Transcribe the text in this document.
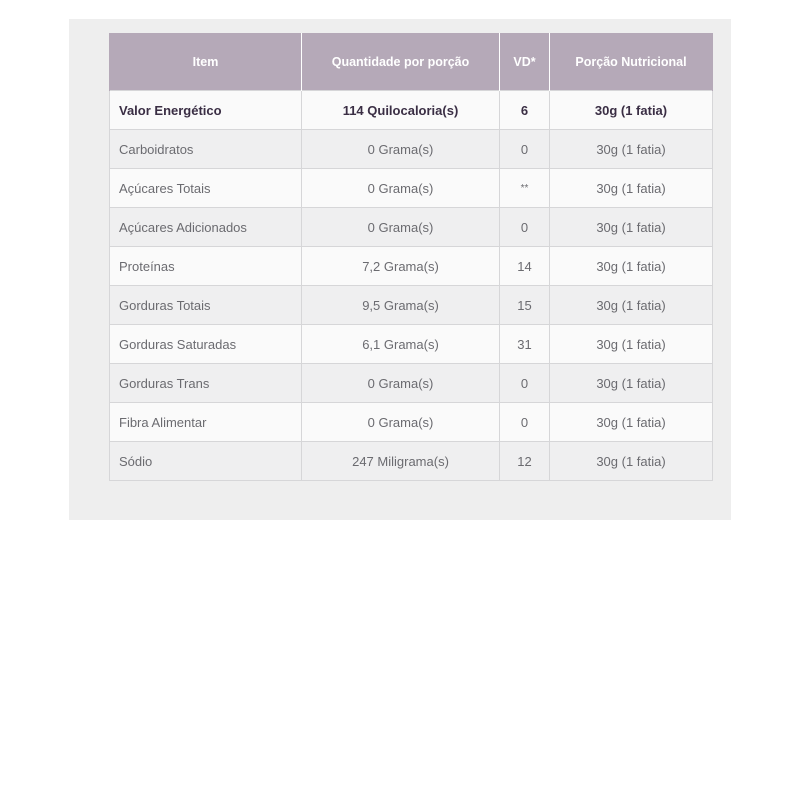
Item	Quantidade por porção	VD*	Porção Nutricional
Valor Energético	114 Quilocaloria(s)	6	30g (1 fatia)
Carboidratos	0 Grama(s)	0	30g (1 fatia)
Açúcares Totais	0 Grama(s)	**	30g (1 fatia)
Açúcares Adicionados	0 Grama(s)	0	30g (1 fatia)
Proteínas	7,2 Grama(s)	14	30g (1 fatia)
Gorduras Totais	9,5 Grama(s)	15	30g (1 fatia)
Gorduras Saturadas	6,1 Grama(s)	31	30g (1 fatia)
Gorduras Trans	0 Grama(s)	0	30g (1 fatia)
Fibra Alimentar	0 Grama(s)	0	30g (1 fatia)
Sódio	247 Miligrama(s)	12	30g (1 fatia)
